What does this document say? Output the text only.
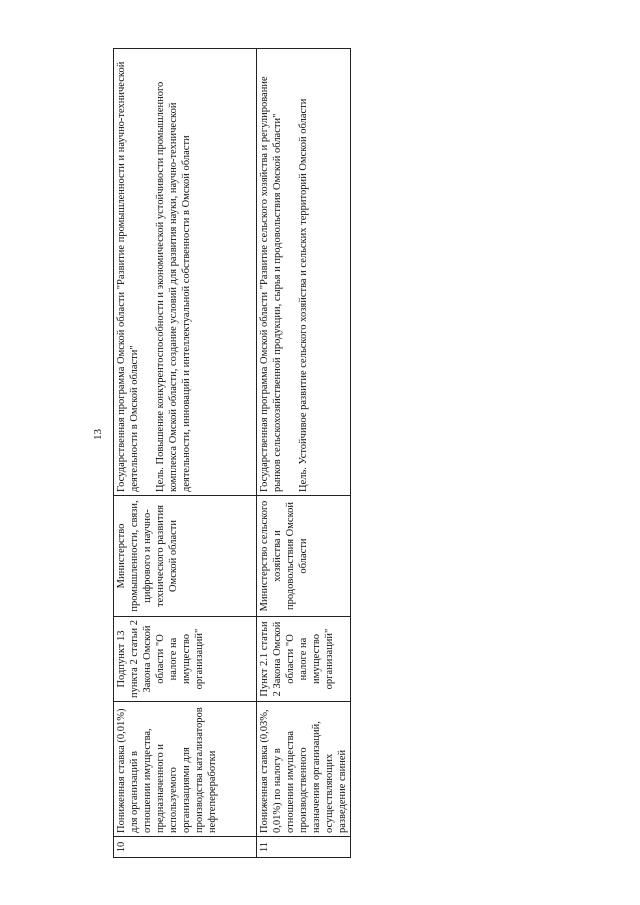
13
10	Пониженная ставка (0,01%) для организаций в отношении имущества, предназначенного и используемого организациями для производства катализаторов нефтепереработки	Подпункт 13 пункта 2 статьи 2 Закона Омской области "О налоге на имущество организаций"	Министерство промышленности, связи, цифрового и научно-технического развития Омской области	Государственная программа Омской области "Развитие промышленности и научно-технической деятельности в Омской области" Цель. Повышение конкурентоспособности и экономической устойчивости промышленного комплекса Омской области, создание условий для развития науки, научно-технической деятельности, инноваций и интеллектуальной собственности в Омской области

11	Пониженная ставка (0,03%, 0,01%) по налогу в отношении имущества производственного назначения организаций, осуществляющих разведение свиней	Пункт 2.1 статьи 2 Закона Омской области "О налоге на имущество организаций"	Министерство сельского хозяйства и продовольствия Омской области	Государственная программа Омской области "Развитие сельского хозяйства и регулирование рынков сельскохозяйственной продукции, сырья и продовольствия Омской области" Цель. Устойчивое развитие сельского хозяйства и сельских территорий Омской области
